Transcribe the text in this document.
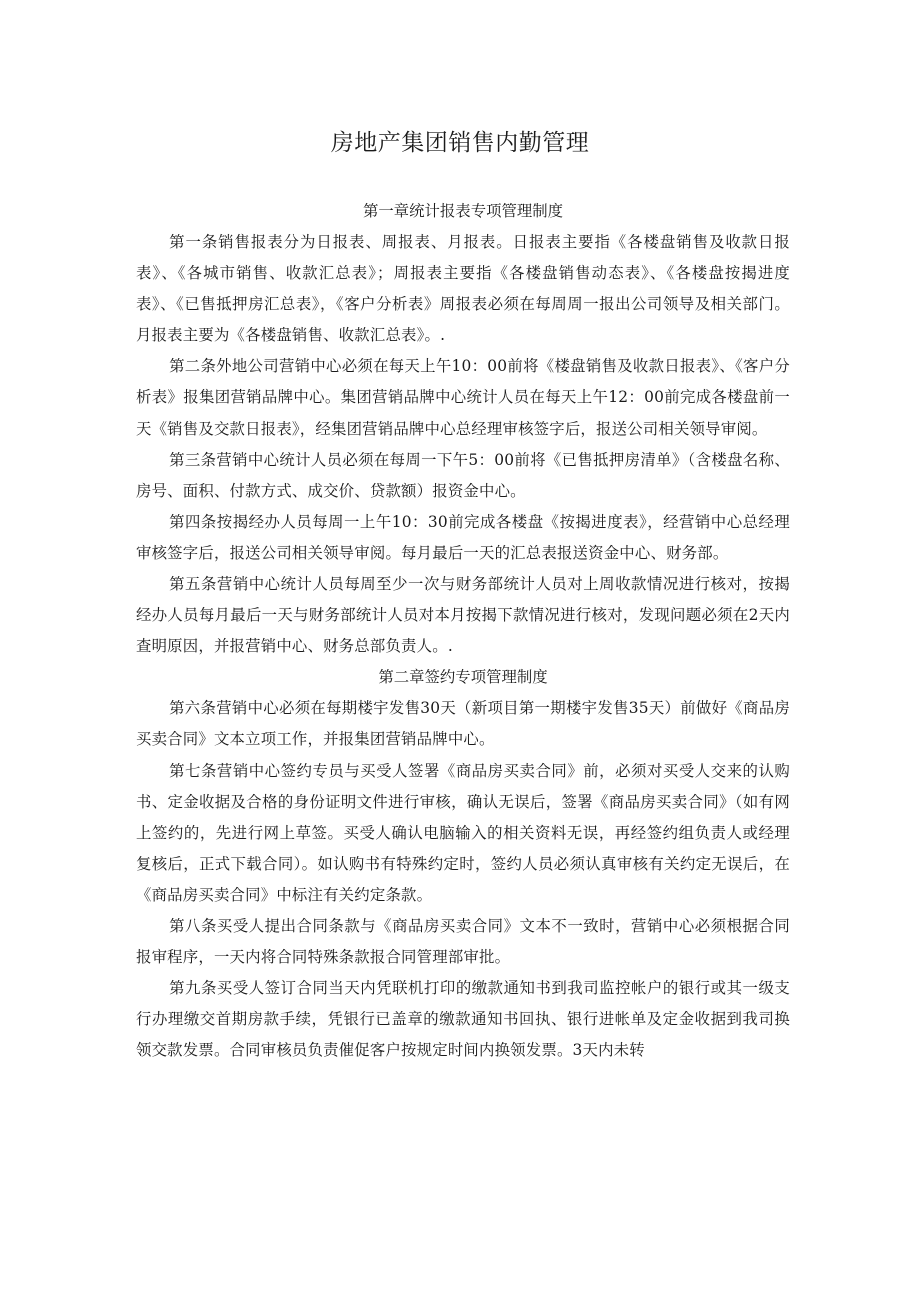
房地产集团销售内勤管理

第一章统计报表专项管理制度

第一条销售报表分为日报表、周报表、月报表。日报表主要指《各楼盘销售及收款日报表》、《各城市销售、收款汇总表》；周报表主要指《各楼盘销售动态表》、《各楼盘按揭进度表》、《已售抵押房汇总表》，《客户分析表》周报表必须在每周周一报出公司领导及相关部门。月报表主要为《各楼盘销售、收款汇总表》。.

第二条外地公司营销中心必须在每天上午10：00前将《楼盘销售及收款日报表》、《客户分析表》报集团营销品牌中心。集团营销品牌中心统计人员在每天上午12：00前完成各楼盘前一天《销售及交款日报表》，经集团营销品牌中心总经理审核签字后，报送公司相关领导审阅。

第三条营销中心统计人员必须在每周一下午5：00前将《已售抵押房清单》（含楼盘名称、房号、面积、付款方式、成交价、贷款额）报资金中心。

第四条按揭经办人员每周一上午10：30前完成各楼盘《按揭进度表》，经营销中心总经理审核签字后，报送公司相关领导审阅。每月最后一天的汇总表报送资金中心、财务部。

第五条营销中心统计人员每周至少一次与财务部统计人员对上周收款情况进行核对，按揭经办人员每月最后一天与财务部统计人员对本月按揭下款情况进行核对，发现问题必须在2天内查明原因，并报营销中心、财务总部负责人。.

第二章签约专项管理制度

第六条营销中心必须在每期楼宇发售30天（新项目第一期楼宇发售35天）前做好《商品房买卖合同》文本立项工作，并报集团营销品牌中心。

第七条营销中心签约专员与买受人签署《商品房买卖合同》前，必须对买受人交来的认购书、定金收据及合格的身份证明文件进行审核，确认无误后，签署《商品房买卖合同》（如有网上签约的，先进行网上草签。买受人确认电脑输入的相关资料无误，再经签约组负责人或经理复核后，正式下载合同）。如认购书有特殊约定时，签约人员必须认真审核有关约定无误后，在《商品房买卖合同》中标注有关约定条款。

第八条买受人提出合同条款与《商品房买卖合同》文本不一致时，营销中心必须根据合同报审程序，一天内将合同特殊条款报合同管理部审批。

第九条买受人签订合同当天内凭联机打印的缴款通知书到我司监控帐户的银行或其一级支行办理缴交首期房款手续，凭银行已盖章的缴款通知书回执、银行进帐单及定金收据到我司换领交款发票。合同审核员负责催促客户按规定时间内换领发票。3天内未转
